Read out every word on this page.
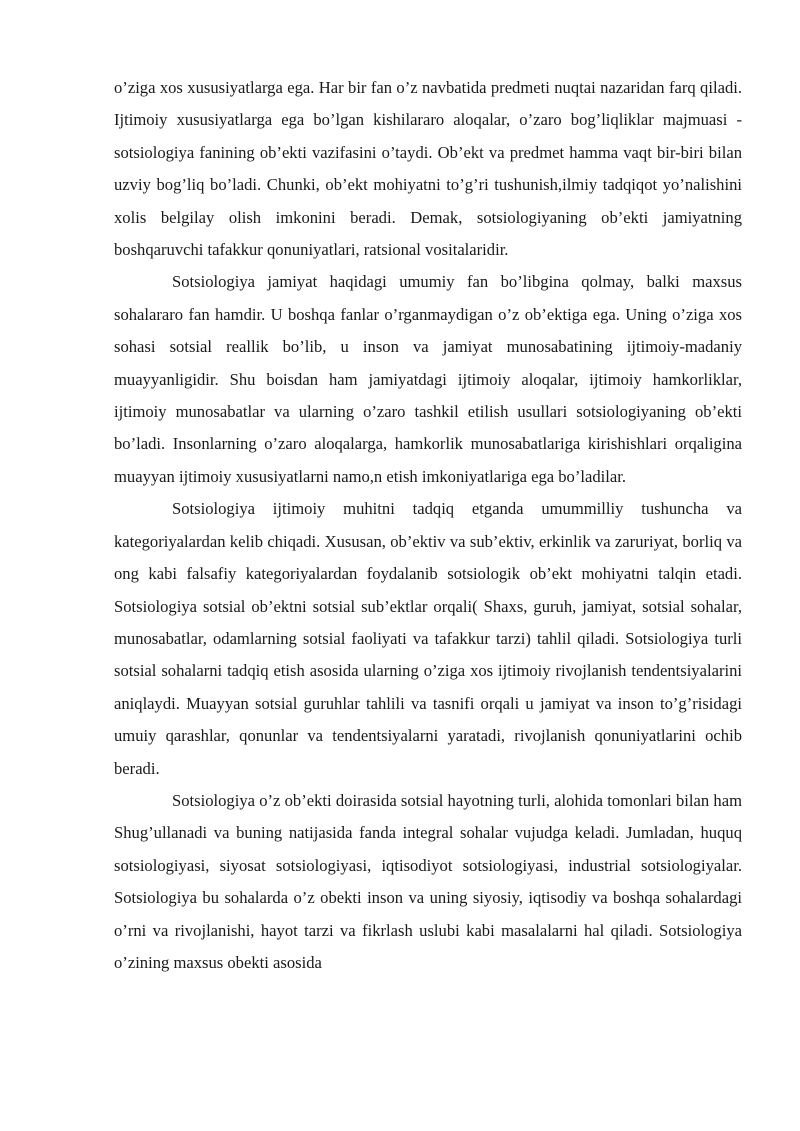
o’ziga xos xususiyatlarga ega. Har bir fan o’z navbatida predmeti nuqtai nazaridan farq qiladi. Ijtimoiy xususiyatlarga ega bo’lgan kishilararo aloqalar, o’zaro bog’liqliklar majmuasi - sotsiologiya fanining ob’ekti vazifasini o’taydi. Ob’ekt va predmet hamma vaqt bir-biri bilan uzviy bog’liq bo’ladi. Chunki, ob’ekt mohiyatni to’g’ri tushunish,ilmiy tadqiqot yo’nalishini xolis belgilay olish imkonini beradi. Demak, sotsiologiyaning ob’ekti jamiyatning boshqaruvchi tafakkur qonuniyatlari, ratsional vositalaridir.

Sotsiologiya jamiyat haqidagi umumiy fan bo’libgina qolmay, balki maxsus sohalararo fan hamdir. U boshqa fanlar o’rganmaydigan o’z ob’ektiga ega. Uning o’ziga xos sohasi sotsial reallik bo’lib, u inson va jamiyat munosabatining ijtimoiy-madaniy muayyanligidir. Shu boisdan ham jamiyatdagi ijtimoiy aloqalar, ijtimoiy hamkorliklar, ijtimoiy munosabatlar va ularning o’zaro tashkil etilish usullari sotsiologiyaning ob’ekti bo’ladi. Insonlarning o’zaro aloqalarga, hamkorlik munosabatlariga kirishishlari orqaligina muayyan ijtimoiy xususiyatlarni namo,n etish imkoniyatlariga ega bo’ladilar.

Sotsiologiya ijtimoiy muhitni tadqiq etganda umummilliy tushuncha va kategoriyalardan kelib chiqadi. Xususan, ob’ektiv va sub’ektiv, erkinlik va zaruriyat, borliq va ong kabi falsafiy kategoriyalardan foydalanib sotsiologik ob’ekt mohiyatni talqin etadi. Sotsiologiya sotsial ob’ektni sotsial sub’ektlar orqali( Shaxs, guruh, jamiyat, sotsial sohalar, munosabatlar, odamlarning sotsial faoliyati va tafakkur tarzi) tahlil qiladi. Sotsiologiya turli sotsial sohalarni tadqiq etish asosida ularning o’ziga xos ijtimoiy rivojlanish tendentsiyalarini aniqlaydi. Muayyan sotsial guruhlar tahlili va tasnifi orqali u jamiyat va inson to’g’risidagi umuiy qarashlar, qonunlar va tendentsiyalarni yaratadi, rivojlanish qonuniyatlarini ochib beradi.

Sotsiologiya o’z ob’ekti doirasida sotsial hayotning turli, alohida tomonlari bilan ham Shug’ullanadi va buning natijasida fanda integral sohalar vujudga keladi. Jumladan, huquq sotsiologiyasi, siyosat sotsiologiyasi, iqtisodiyot sotsiologiyasi, industrial sotsiologiyalar. Sotsiologiya bu sohalarda o’z obekti inson va uning siyosiy, iqtisodiy va boshqa sohalardagi o’rni va rivojlanishi, hayot tarzi va fikrlash uslubi kabi masalalarni hal qiladi. Sotsiologiya o’zining maxsus obekti asosida
